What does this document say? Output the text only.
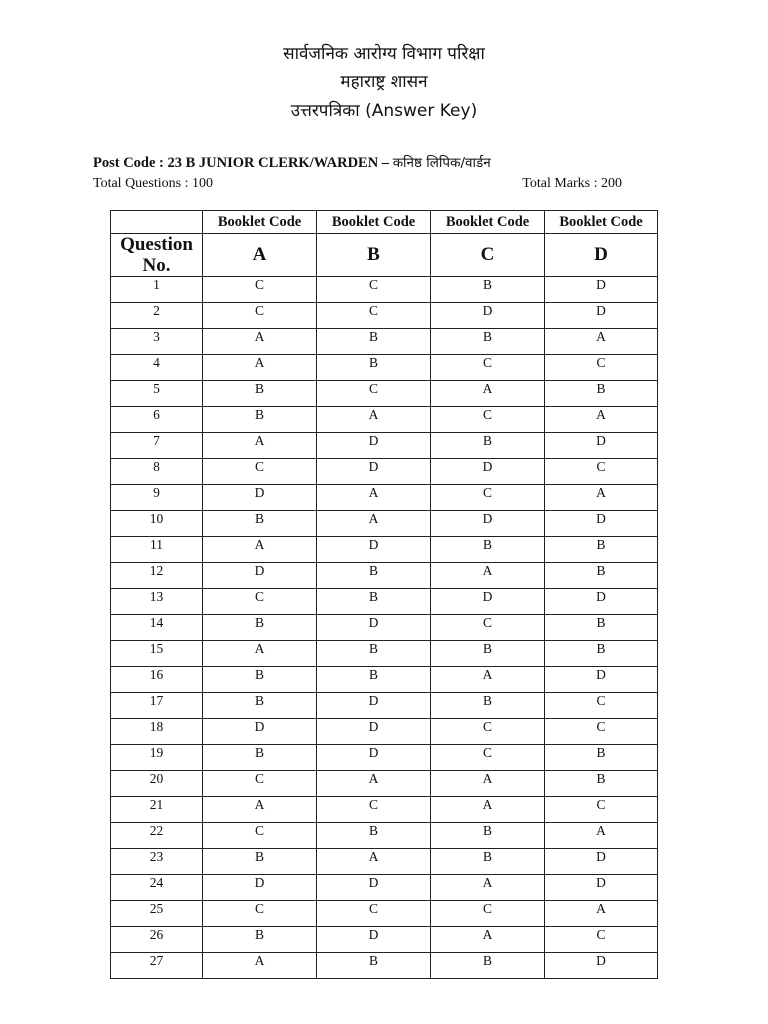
सार्वजनिक आरोग्य विभाग परिक्षा
महाराष्ट्र शासन
उत्तरपत्रिका (Answer Key)
Post Code : 23 B JUNIOR CLERK/WARDEN – कनिष्ठ लिपिक/वार्डन
Total Questions : 100	Total Marks : 200
	Booklet Code	Booklet Code	Booklet Code	Booklet Code
Question No.	A	B	C	D
1	C	C	B	D
2	C	C	D	D
3	A	B	B	A
4	A	B	C	C
5	B	C	A	B
6	B	A	C	A
7	A	D	B	D
8	C	D	D	C
9	D	A	C	A
10	B	A	D	D
11	A	D	B	B
12	D	B	A	B
13	C	B	D	D
14	B	D	C	B
15	A	B	B	B
16	B	B	A	D
17	B	D	B	C
18	D	D	C	C
19	B	D	C	B
20	C	A	A	B
21	A	C	A	C
22	C	B	B	A
23	B	A	B	D
24	D	D	A	D
25	C	C	C	A
26	B	D	A	C
27	A	B	B	D
